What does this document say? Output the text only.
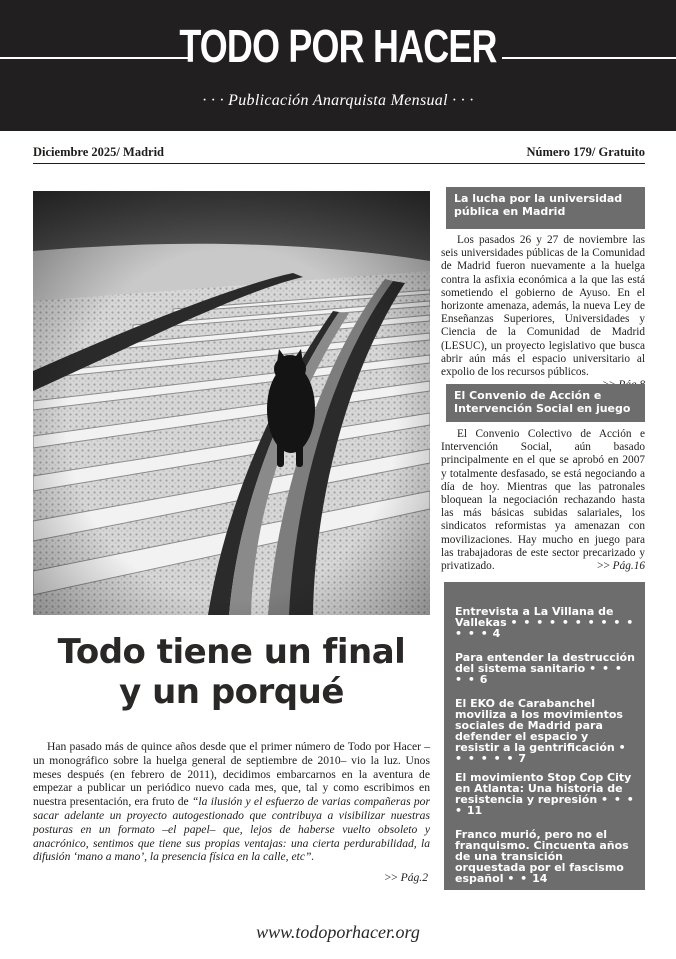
TODO POR HACER
· · · Publicación Anarquista Mensual · · ·
Diciembre 2025/ Madrid	Número 179/ Gratuito
Todo tiene un final
y un porqué

Han pasado más de quince años desde que el primer número de Todo por Hacer –un monográfico sobre la huelga general de septiembre de 2010– vio la luz. Unos meses después (en febrero de 2011), decidimos embarcarnos en la aventura de empezar a publicar un periódico nuevo cada mes, que, tal y como escribimos en nuestra presentación, era fruto de “la ilusión y el esfuerzo de varias compañeras por sacar adelante un proyecto autogestionado que contribuya a visibilizar nuestras posturas en un formato –el papel– que, lejos de haberse vuelto obsoleto y anacrónico, sentimos que tiene sus propias ventajas: una cierta perdurabilidad, la difusión ‘mano a mano’, la presencia física en la calle, etc”.

>> Pág.2
La lucha por la universidad pública en Madrid

Los pasados 26 y 27 de noviembre las seis universidades públicas de la Comunidad de Madrid fueron nuevamente a la huelga contra la asfixia económica a la que las está sometiendo el gobierno de Ayuso. En el horizonte amenaza, además, la nueva Ley de Enseñanzas Superiores, Universidades y Ciencia de la Comunidad de Madrid (LESUC), un proyecto legislativo que busca abrir aún más el espacio universitario al expolio de los recursos públicos.

El Convenio de Acción e Intervención Social en juego

El Convenio Colectivo de Acción e Intervención Social, aún basado principalmente en el que se aprobó en 2007 y totalmente desfasado, se está negociando a día de hoy. Mientras que las patronales bloquean la negociación rechazando hasta las más básicas subidas salariales, los sindicatos reformistas ya amenazan con movilizaciones. Hay mucho en juego para las trabajadoras de este sector precarizado y privatizado.	>> Pág.16

Entrevista a La Villana de Vallekas • • • • • • • • • • • • • 4
Para entender la destrucción del sistema sanitario • • • • • 6
El EKO de Carabanchel moviliza a los movimientos sociales de Madrid para defender el espacio y resistir a la gentrificación • • • • • • 7
El movimiento Stop Cop City en Atlanta: Una historia de resistencia y represión • • • • 11
Franco murió, pero no el franquismo. Cincuenta años de una transición orquestada por el fascismo español • • 14
www.todoporhacer.org
